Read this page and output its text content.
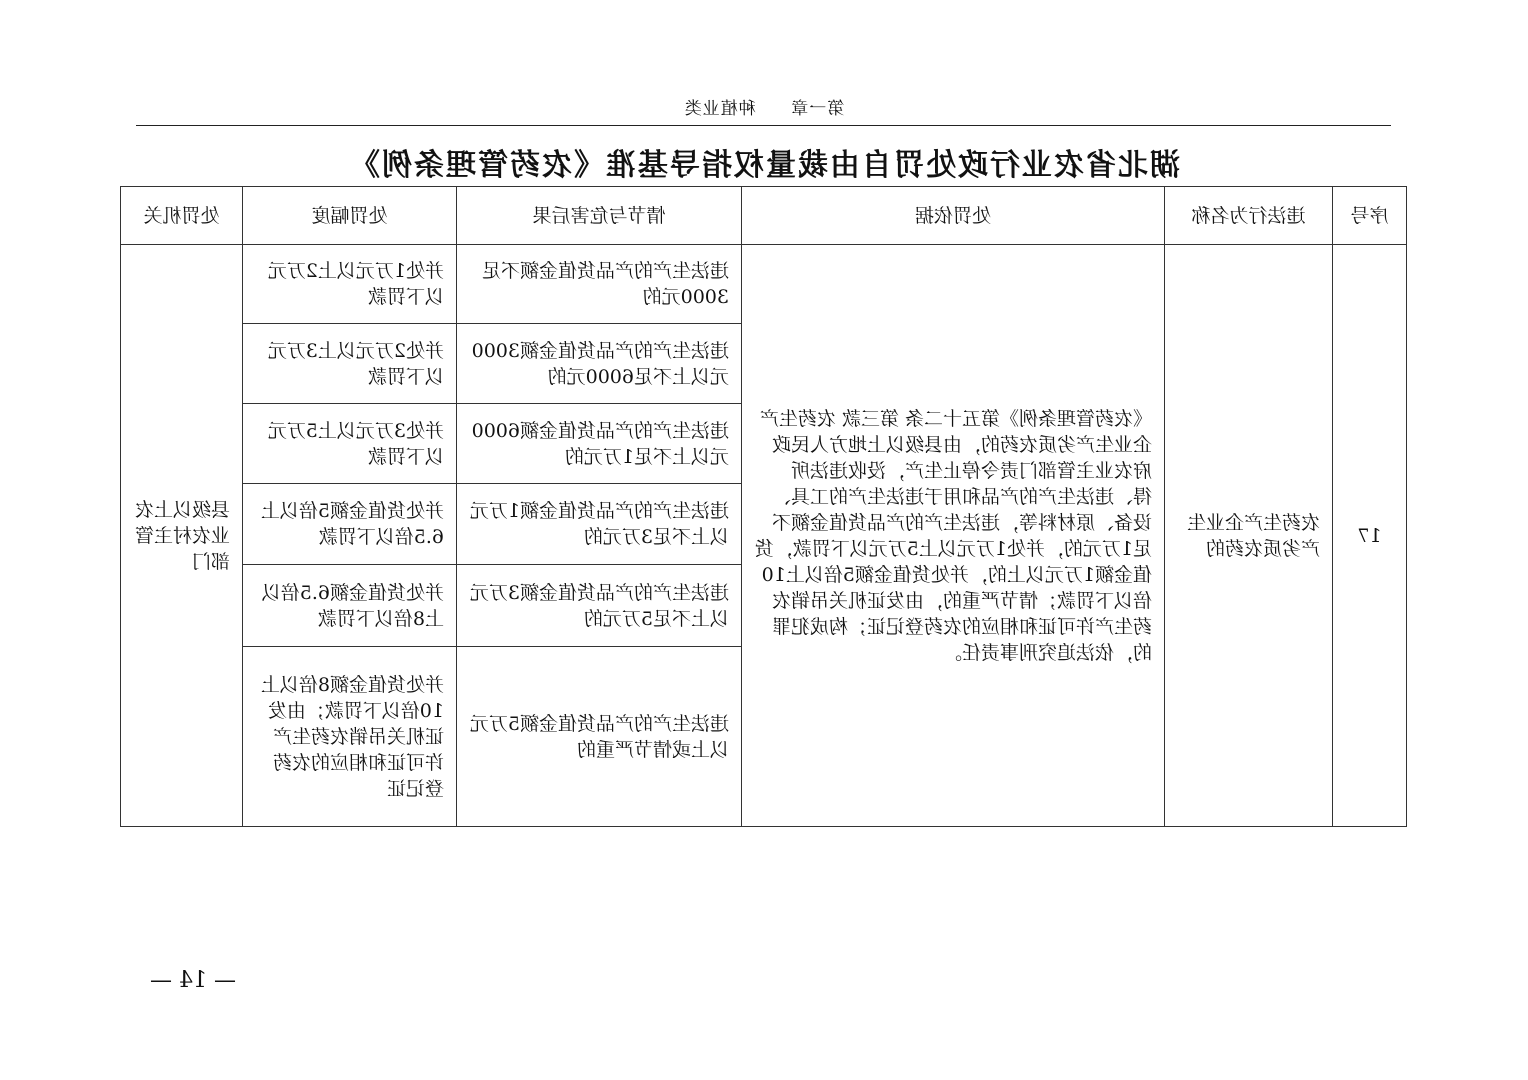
第一章 种植业类
湖北省农业行政处罚自由裁量权指导基准《农药管理条例》
序号	违法行为名称	处罚依据	情节与危害后果	处罚幅度	处罚机关
17	农药生产企业生产劣质农药的	《农药管理条例》第五十二条 第三款 农药生产企业生产劣质农药的，由县级以上地方人民政府农业主管部门责令停止生产，没收违法所得、违法生产的产品和用于违法生产的工具、设备、原材料等，违法生产的产品货值金额不足1万元的，并处1万元以上5万元以下罚款，货值金额1万元以上的，并处货值金额5倍以上10倍以下罚款；情节严重的，由发证机关吊销农药生产许可证和相应的农药登记证；构成犯罪的，依法追究刑事责任。	违法生产的产品货值金额不足3000元的	并处1万元以上2万元以下罚款	县级以上农业农村主管部门
			违法生产的产品货值金额3000元以上不足6000元的	并处2万元以上3万元以下罚款	
			违法生产的产品货值金额6000元以上不足1万元的	并处3万元以上5万元以下罚款	
			违法生产的产品货值金额1万元以上不足3万元的	并处货值金额5倍以上6.5倍以下罚款	
			违法生产的产品货值金额3万元以上不足5万元的	并处货值金额6.5倍以上8倍以下罚款	
			违法生产的产品货值金额5万元以上或情节严重的	并处货值金额8倍以上10倍以下罚款；由发证机关吊销农药生产许可证和相应的农药登记证	
— 14 —
